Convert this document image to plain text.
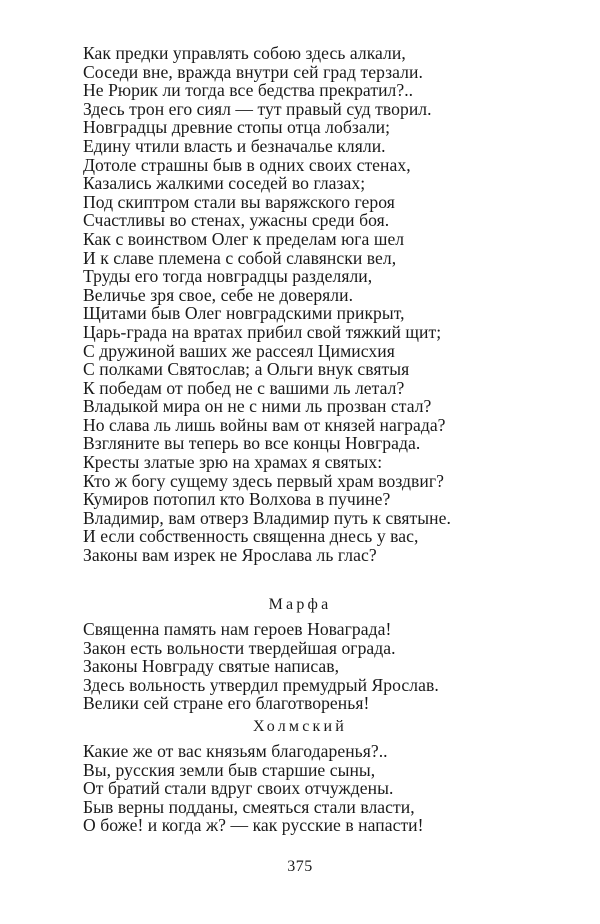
Как предки управлять собою здесь алкали,
Соседи вне, вражда внутри сей град терзали.
Не Рюрик ли тогда все бедства прекратил?..
Здесь трон его сиял — тут правый суд творил.
Новградцы древние стопы отца лобзали;
Едину чтили власть и безначалье кляли.
Дотоле страшны быв в одних своих стенах,
Казались жалкими соседей во глазах;
Под скиптром стали вы варяжского героя
Счастливы во стенах, ужасны среди боя.
Как с воинством Олег к пределам юга шел
И к славе племена с собой славянски вел,
Труды его тогда новградцы разделяли,
Величье зря свое, себе не доверяли.
Щитами быв Олег новградскими прикрыт,
Царь-града на вратах прибил свой тяжкий щит;
С дружиной ваших же рассеял Цимисхия
С полками Святослав; а Ольги внук святыя
К победам от побед не с вашими ль летал?
Владыкой мира он не с ними ль прозван стал?
Но слава ль лишь войны вам от князей награда?
Взгляните вы теперь во все концы Новграда.
Кресты златые зрю на храмах я святых:
Кто ж богу сущему здесь первый храм воздвиг?
Кумиров потопил кто Волхова в пучине?
Владимир, вам отверз Владимир путь к святыне.
И если собственность священна днесь у вас,
Законы вам изрек не Ярослава ль глас?
Марфа
Священна память нам героев Новаграда!
Закон есть вольности твердейшая ограда.
Законы Новграду святые написав,
Здесь вольность утвердил премудрый Ярослав.
Велики сей стране его благотворенья!
Холмский
Какие же от вас князьям благодаренья?..
Вы, русския земли быв старшие сыны,
От братий стали вдруг своих отчуждены.
Быв верны подданы, смеяться стали власти,
О боже! и когда ж? — как русские в напасти!
375
